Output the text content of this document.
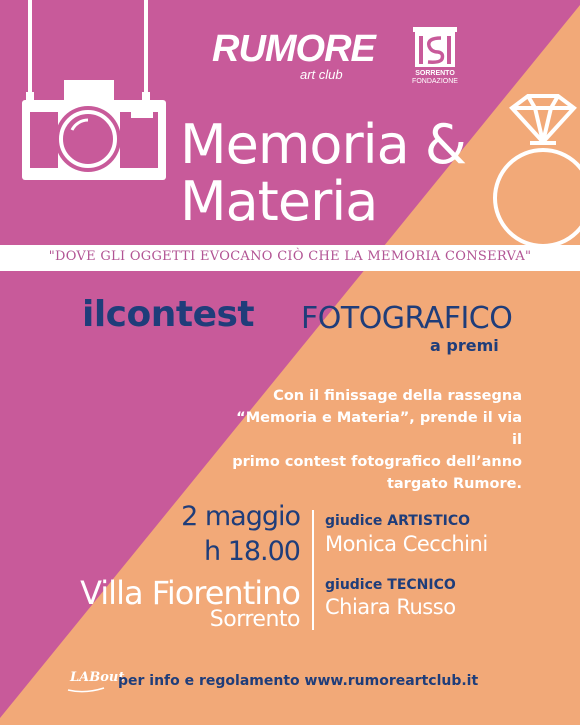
RUMORE
art club	SORRENTO
FONDAZIONE
Memoria &
Materia
"DOVE GLI OGGETTI EVOCANO CIÒ CHE LA MEMORIA CONSERVA"
ilcontest FOTOGRAFICO
a premi
Con il finissage della rassegna
“Memoria e Materia”, prende il via il
primo contest fotografico dell’anno
targato Rumore.
2 maggio
h 18.00
Villa Fiorentino
Sorrento
giudice ARTISTICO
Monica Cecchini
giudice TECNICO
Chiara Russo
LABout
per info e regolamento www.rumoreartclub.it
